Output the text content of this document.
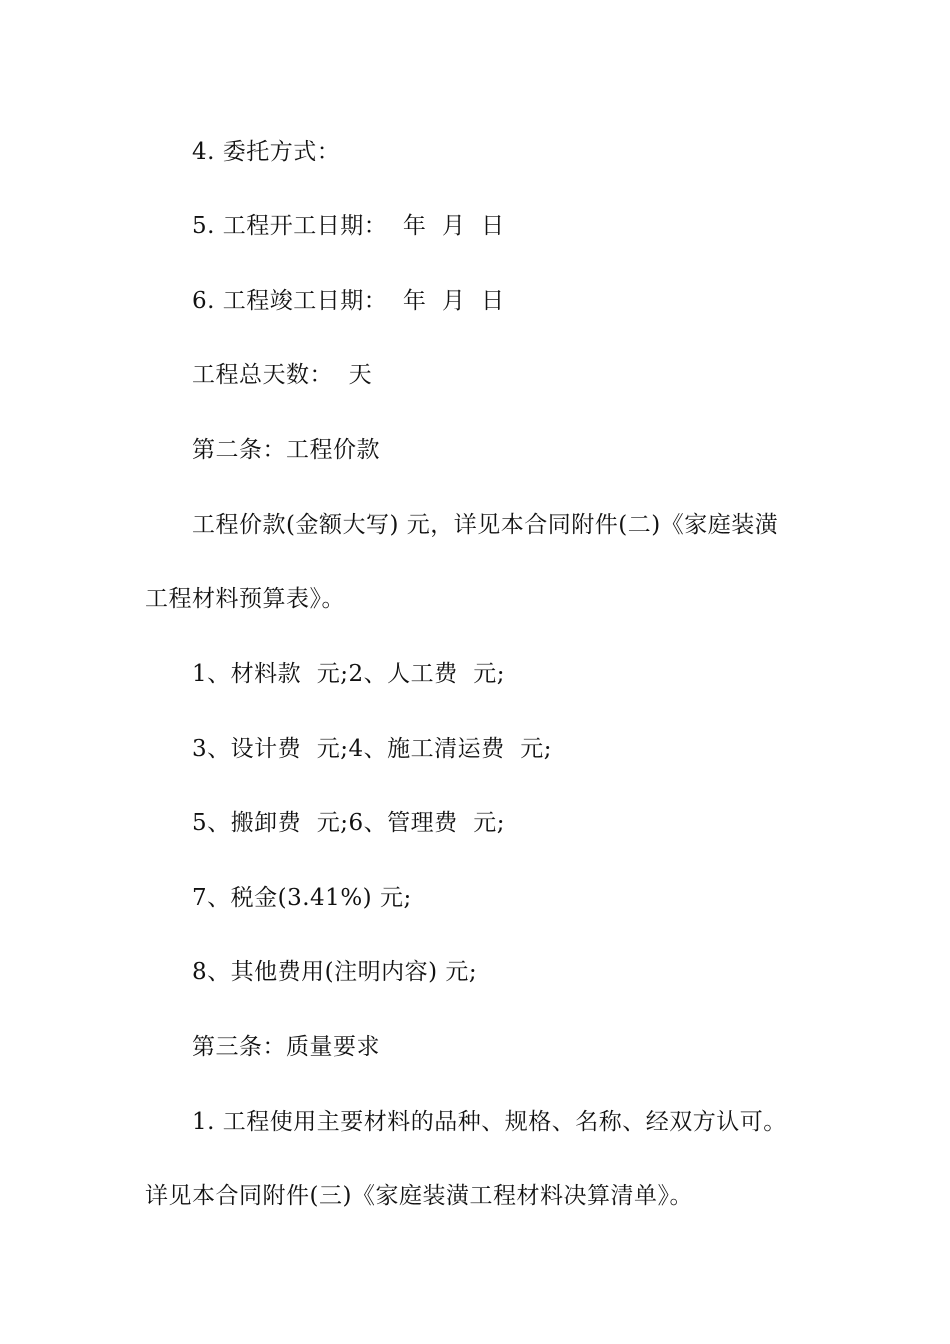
4. 委托方式：
5. 工程开工日期：  年  月  日
6. 工程竣工日期：  年  月  日
工程总天数：  天
第二条：工程价款
工程价款(金额大写) 元，详见本合同附件(二)《家庭装潢
工程材料预算表》。
1、材料款  元;2、人工费  元;
3、设计费  元;4、施工清运费  元;
5、搬卸费  元;6、管理费  元;
7、税金(3.41%) 元;
8、其他费用(注明内容) 元;
第三条：质量要求
1. 工程使用主要材料的品种、规格、名称、经双方认可。
详见本合同附件(三)《家庭装潢工程材料决算清单》。
